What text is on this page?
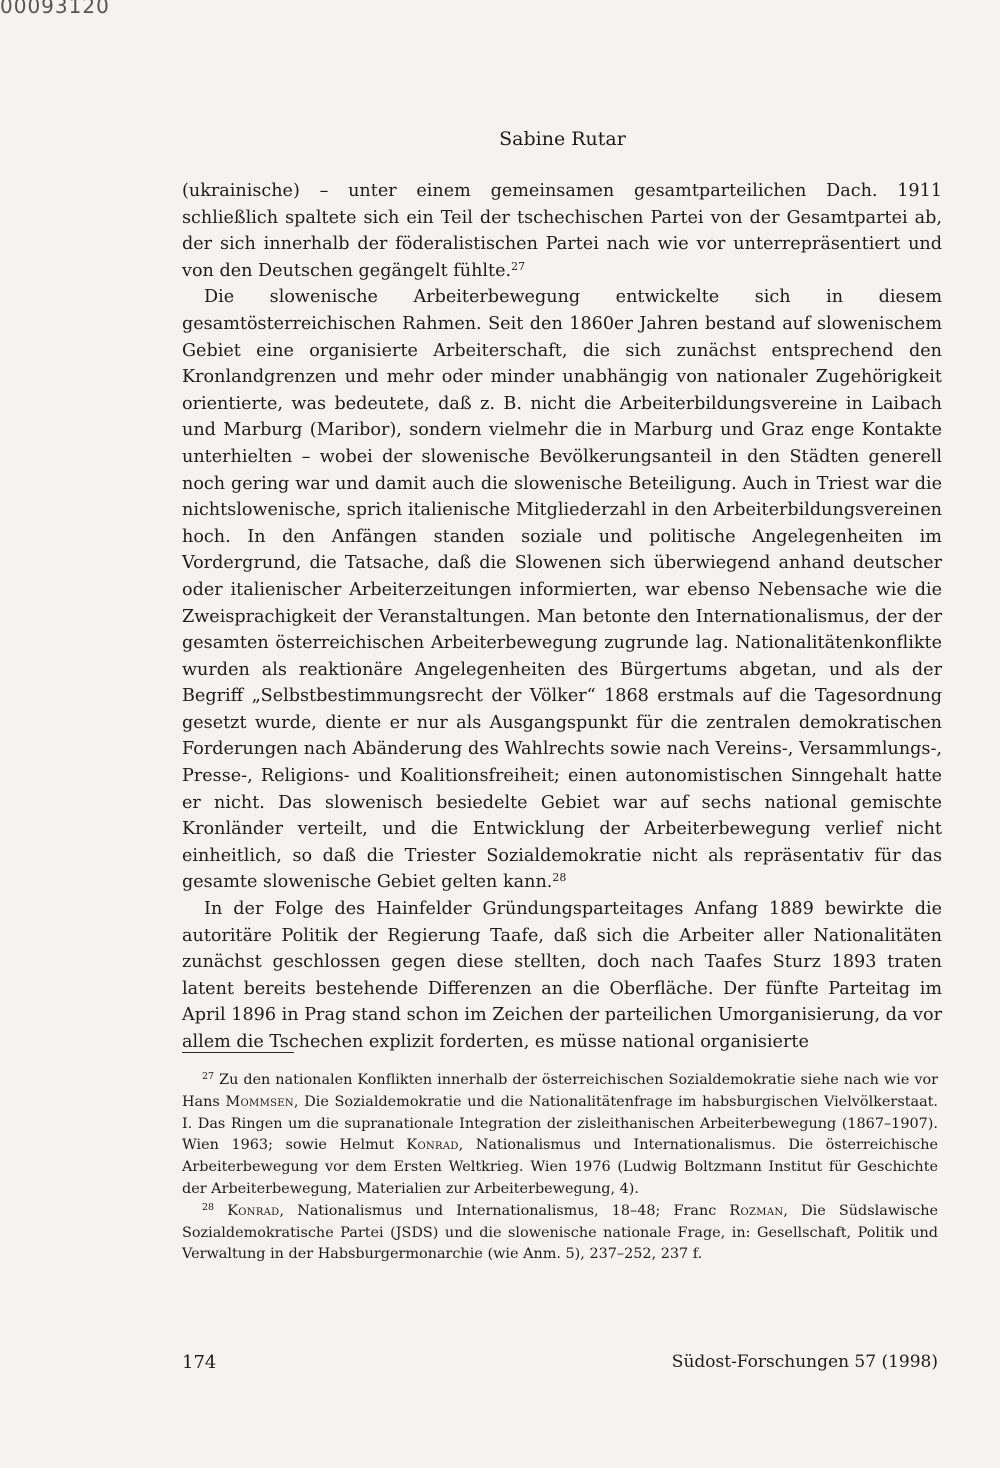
00093120
Sabine Rutar

(ukrainische) – unter einem gemeinsamen gesamtparteilichen Dach. 1911 schließlich spaltete sich ein Teil der tschechischen Partei von der Gesamtpartei ab, der sich innerhalb der föderalistischen Partei nach wie vor unterrepräsentiert und von den Deutschen gegängelt fühlte.$^{27}$

Die slowenische Arbeiterbewegung entwickelte sich in diesem gesamtösterreichischen Rahmen. Seit den 1860er Jahren bestand auf slowenischem Gebiet eine organisierte Arbeiterschaft, die sich zunächst entsprechend den Kronlandgrenzen und mehr oder minder unabhängig von nationaler Zugehörigkeit orientierte, was bedeutete, daß z. B. nicht die Arbeiterbildungsvereine in Laibach und Marburg (Maribor), sondern vielmehr die in Marburg und Graz enge Kontakte unterhielten – wobei der slowenische Bevölkerungsanteil in den Städten generell noch gering war und damit auch die slowenische Beteiligung. Auch in Triest war die nichtslowenische, sprich italienische Mitgliederzahl in den Arbeiterbildungsvereinen hoch. In den Anfängen standen soziale und politische Angelegenheiten im Vordergrund, die Tatsache, daß die Slowenen sich überwiegend anhand deutscher oder italienischer Arbeiterzeitungen informierten, war ebenso Nebensache wie die Zweisprachigkeit der Veranstaltungen. Man betonte den Internationalismus, der der gesamten österreichischen Arbeiterbewegung zugrunde lag. Nationalitätenkonflikte wurden als reaktionäre Angelegenheiten des Bürgertums abgetan, und als der Begriff „Selbstbestimmungsrecht der Völker“ 1868 erstmals auf die Tagesordnung gesetzt wurde, diente er nur als Ausgangspunkt für die zentralen demokratischen Forderungen nach Abänderung des Wahlrechts sowie nach Vereins-, Versammlungs-, Presse-, Religions- und Koalitionsfreiheit; einen autonomistischen Sinngehalt hatte er nicht. Das slowenisch besiedelte Gebiet war auf sechs national gemischte Kronländer verteilt, und die Entwicklung der Arbeiterbewegung verlief nicht einheitlich, so daß die Triester Sozialdemokratie nicht als repräsentativ für das gesamte slowenische Gebiet gelten kann.$^{28}$

In der Folge des Hainfelder Gründungsparteitages Anfang 1889 bewirkte die autoritäre Politik der Regierung Taafe, daß sich die Arbeiter aller Nationalitäten zunächst geschlossen gegen diese stellten, doch nach Taafes Sturz 1893 traten latent bereits bestehende Differenzen an die Oberfläche. Der fünfte Parteitag im April 1896 in Prag stand schon im Zeichen der parteilichen Umorganisierung, da vor allem die Tschechen explizit forderten, es müsse national organisierte

$^{27}$ Zu den nationalen Konflikten innerhalb der österreichischen Sozialdemokratie siehe nach wie vor Hans Mommsen, Die Sozialdemokratie und die Nationalitätenfrage im habsburgischen Vielvölkerstaat. I. Das Ringen um die supranationale Integration der zisleithanischen Arbeiterbewegung (1867–1907). Wien 1963; sowie Helmut Konrad, Nationalismus und Internationalismus. Die österreichische Arbeiterbewegung vor dem Ersten Weltkrieg. Wien 1976 (Ludwig Boltzmann Institut für Geschichte der Arbeiterbewegung, Materialien zur Arbeiterbewegung, 4).

$^{28}$ Konrad, Nationalismus und Internationalismus, 18–48; Franc Rozman, Die Südslawische Sozialdemokratische Partei (JSDS) und die slowenische nationale Frage, in: Gesellschaft, Politik und Verwaltung in der Habsburgermonarchie (wie Anm. 5), 237–252, 237 f.

174	Südost-Forschungen 57 (1998)
